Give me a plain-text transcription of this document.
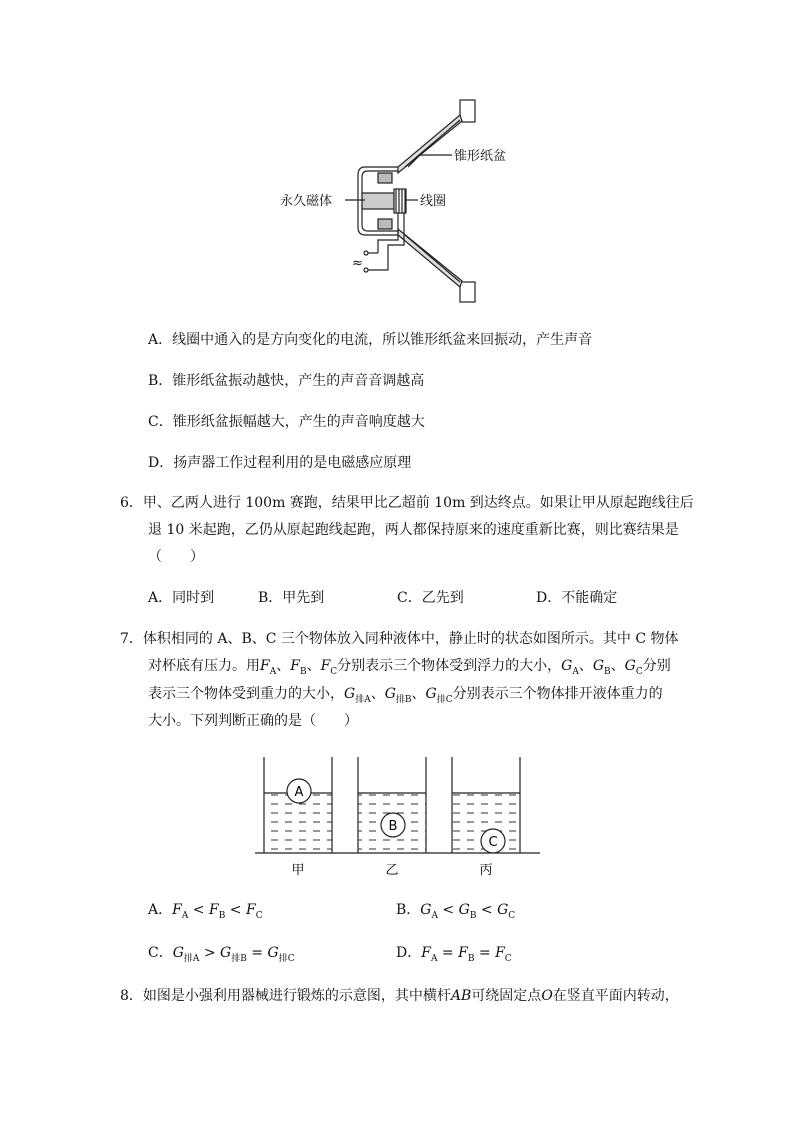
锥形纸盆
永久磁体	线圈
≈
A．线圈中通入的是方向变化的电流，所以锥形纸盆来回振动，产生声音
B．锥形纸盆振动越快，产生的声音音调越高
C．锥形纸盆振幅越大，产生的声音响度越大
D．扬声器工作过程利用的是电磁感应原理
6．甲、乙两人进行 100m 赛跑，结果甲比乙超前 10m 到达终点。如果让甲从原起跑线往后
退 10 米起跑，乙仍从原起跑线起跑，两人都保持原来的速度重新比赛，则比赛结果是
（　　）
A．同时到	B．甲先到	C．乙先到	D．不能确定
7．体积相同的 A、B、C 三个物体放入同种液体中，静止时的状态如图所示。其中 C 物体
对杯底有压力。用$F_A$、$F_B$、$F_C$分别表示三个物体受到浮力的大小，$G_A$、$G_B$、$G_C$分别
表示三个物体受到重力的大小，$G_{排A}$、$G_{排B}$、$G_{排C}$分别表示三个物体排开液体重力的
大小。下列判断正确的是（　　）
A
B
C
甲	乙	丙
A．$F_A < F_B < F_C$	B．$G_A < G_B < G_C$
C．$G_{排A} > G_{排B} = G_{排C}$	D．$F_A = F_B = F_C$
8．如图是小强利用器械进行锻炼的示意图，其中横杆AB可绕固定点O在竖直平面内转动，
